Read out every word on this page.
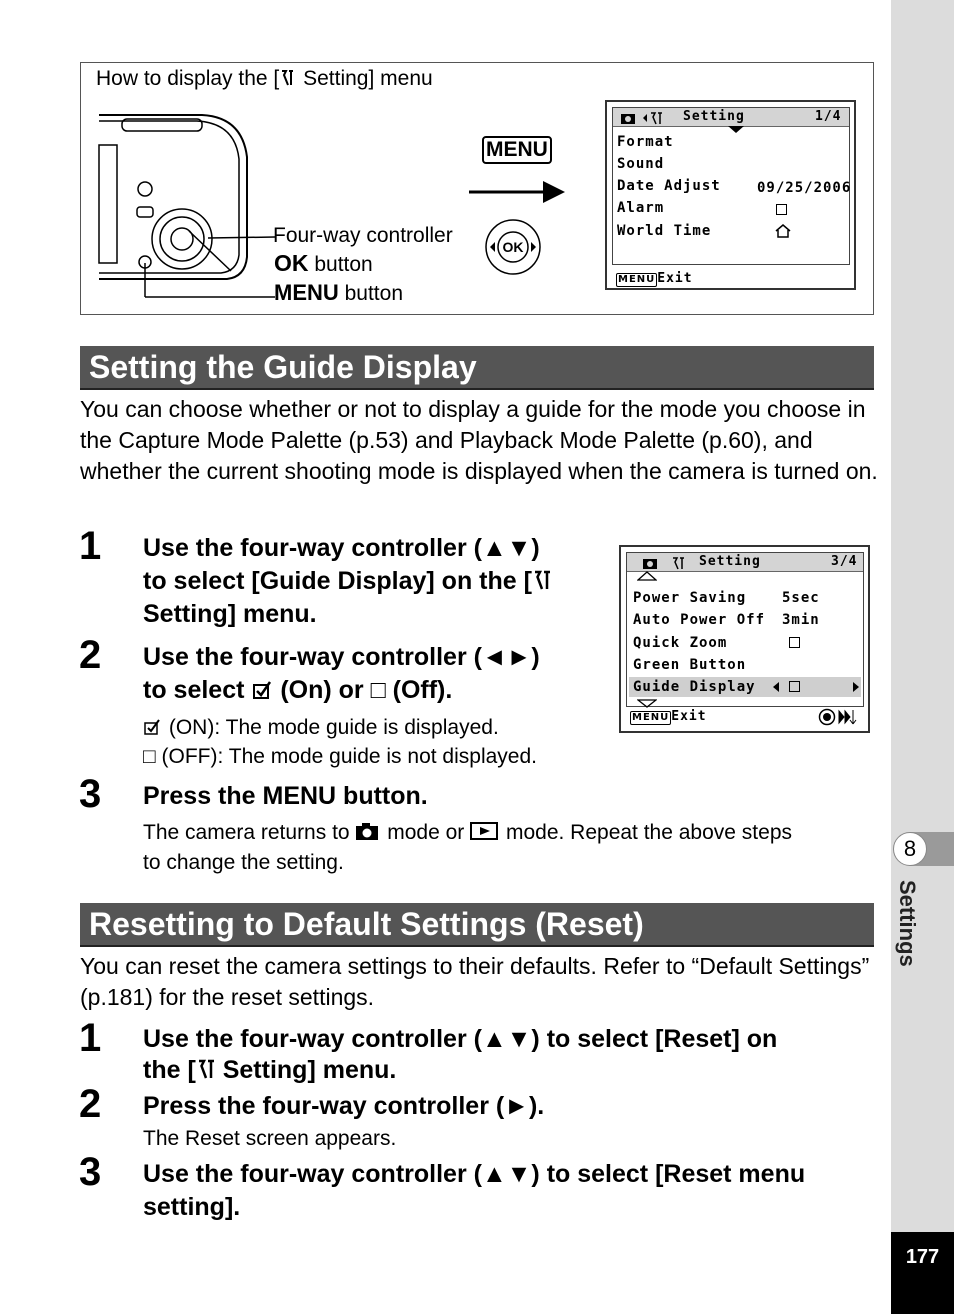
8
Settings
177
How to display the [ Setting] menu
Four-way controller
OK button
MENU button
MENU
OK
Setting	1/4
Format
Sound
Date Adjust	09/25/2006
Alarm
World Time
MENU Exit
Setting the Guide Display
You can choose whether or not to display a guide for the mode you choose in the Capture Mode Palette (p.53) and Playback Mode Palette (p.60), and whether the current shooting mode is displayed when the camera is turned on.
1 Use the four-way controller (▲▼)
to select [Guide Display] on the [
Setting] menu.
2 Use the four-way controller (◄►)
to select  (On) or □ (Off).
(ON): The mode guide is displayed.
□ (OFF): The mode guide is not displayed.
3 Press the MENU button.
The camera returns to  mode or  mode. Repeat the above steps
to change the setting.
Setting	3/4
Power Saving	5sec
Auto Power Off 3min
Quick Zoom
Green Button
Guide Display
MENU Exit
Resetting to Default Settings (Reset)
You can reset the camera settings to their defaults. Refer to “Default Settings” (p.181) for the reset settings.
1 Use the four-way controller (▲▼) to select [Reset] on
the [ Setting] menu.
2 Press the four-way controller (►).
The Reset screen appears.
3 Use the four-way controller (▲▼) to select [Reset menu
setting].
